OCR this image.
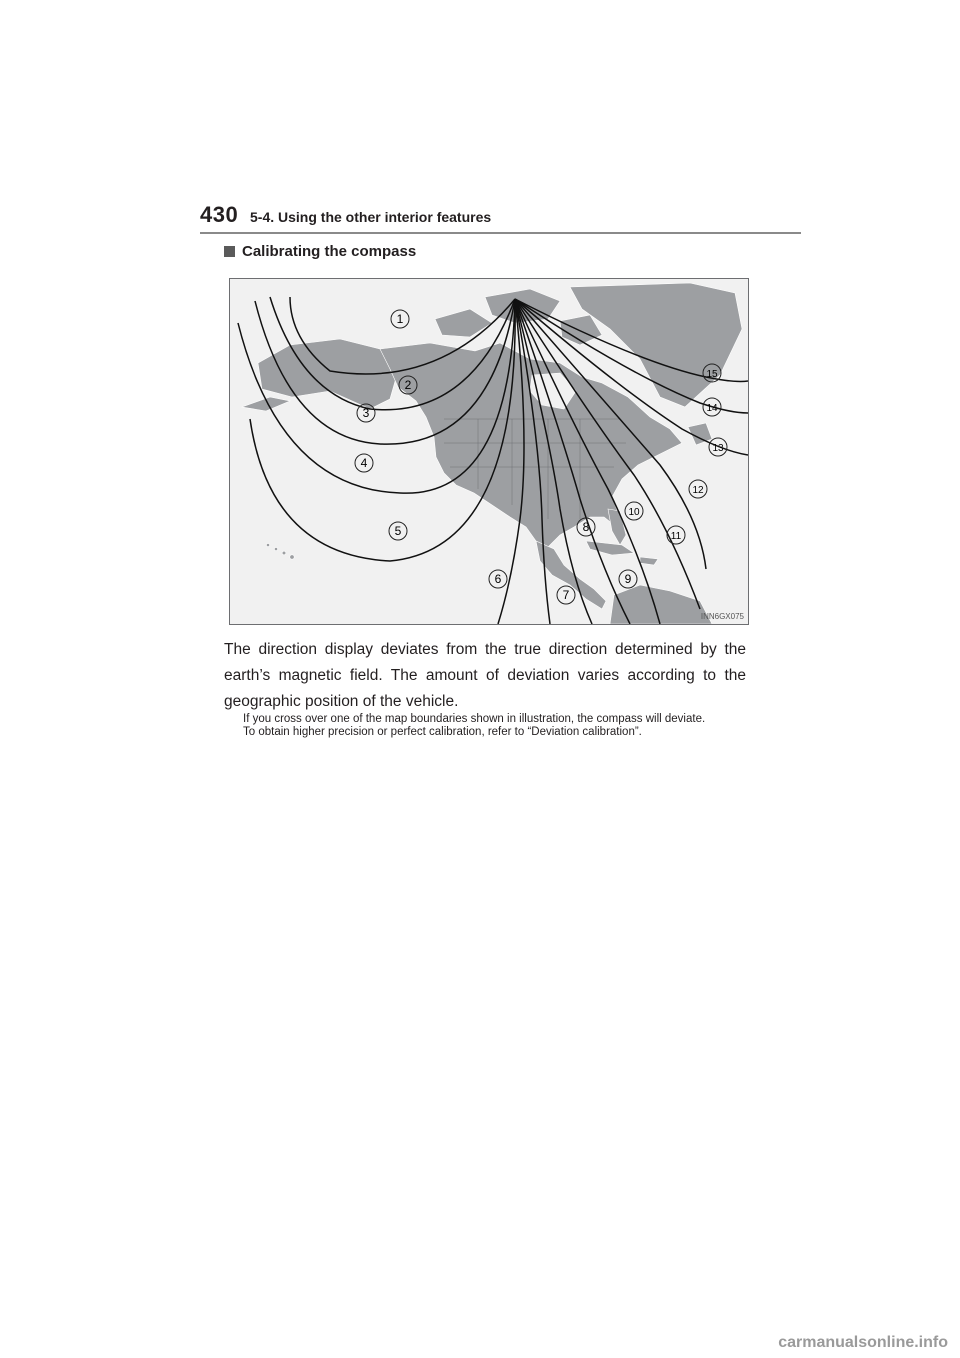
430 5-4. Using the other interior features
Calibrating the compass
1
2
3
4
5
6
7
8
9
10
11
12
13
14
15
INN6GX075
The direction display deviates from the true direction determined by the earth’s magnetic field. The amount of deviation varies according to the geographic position of the vehicle.

If you cross over one of the map boundaries shown in illustration, the compass will deviate.

To obtain higher precision or perfect calibration, refer to “Deviation calibration”.

carmanualsonline.info
